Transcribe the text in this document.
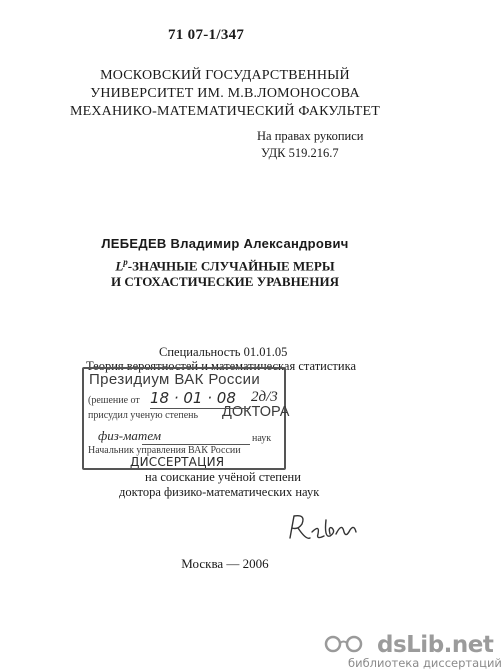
71 07-1/347
МОСКОВСКИЙ ГОСУДАРСТВЕННЫЙ
УНИВЕРСИТЕТ ИМ. М.В.ЛОМОНОСОВА
МЕХАНИКО-МАТЕМАТИЧЕСКИЙ ФАКУЛЬТЕТ
На правах рукописи
УДК 519.216.7
ЛЕБЕДЕВ Владимир Александрович
$L^p$-ЗНАЧНЫЕ СЛУЧАЙНЫЕ МЕРЫ
И СТОХАСТИЧЕСКИЕ УРАВНЕНИЯ
Специальность 01.01.05
Теория вероятностей и математическая статистика
Президиум ВАК России
(решение от 18 · 01 · 08 2д/3
присудил ученую степень ДОКТОРА
физ-матем	наук
Начальник управления ВАК России
ДИССЕРТАЦИЯ
на соискание учёной степени
доктора физико-математических наук
Москва — 2006
dsLib.net
библиотека диссертаций
